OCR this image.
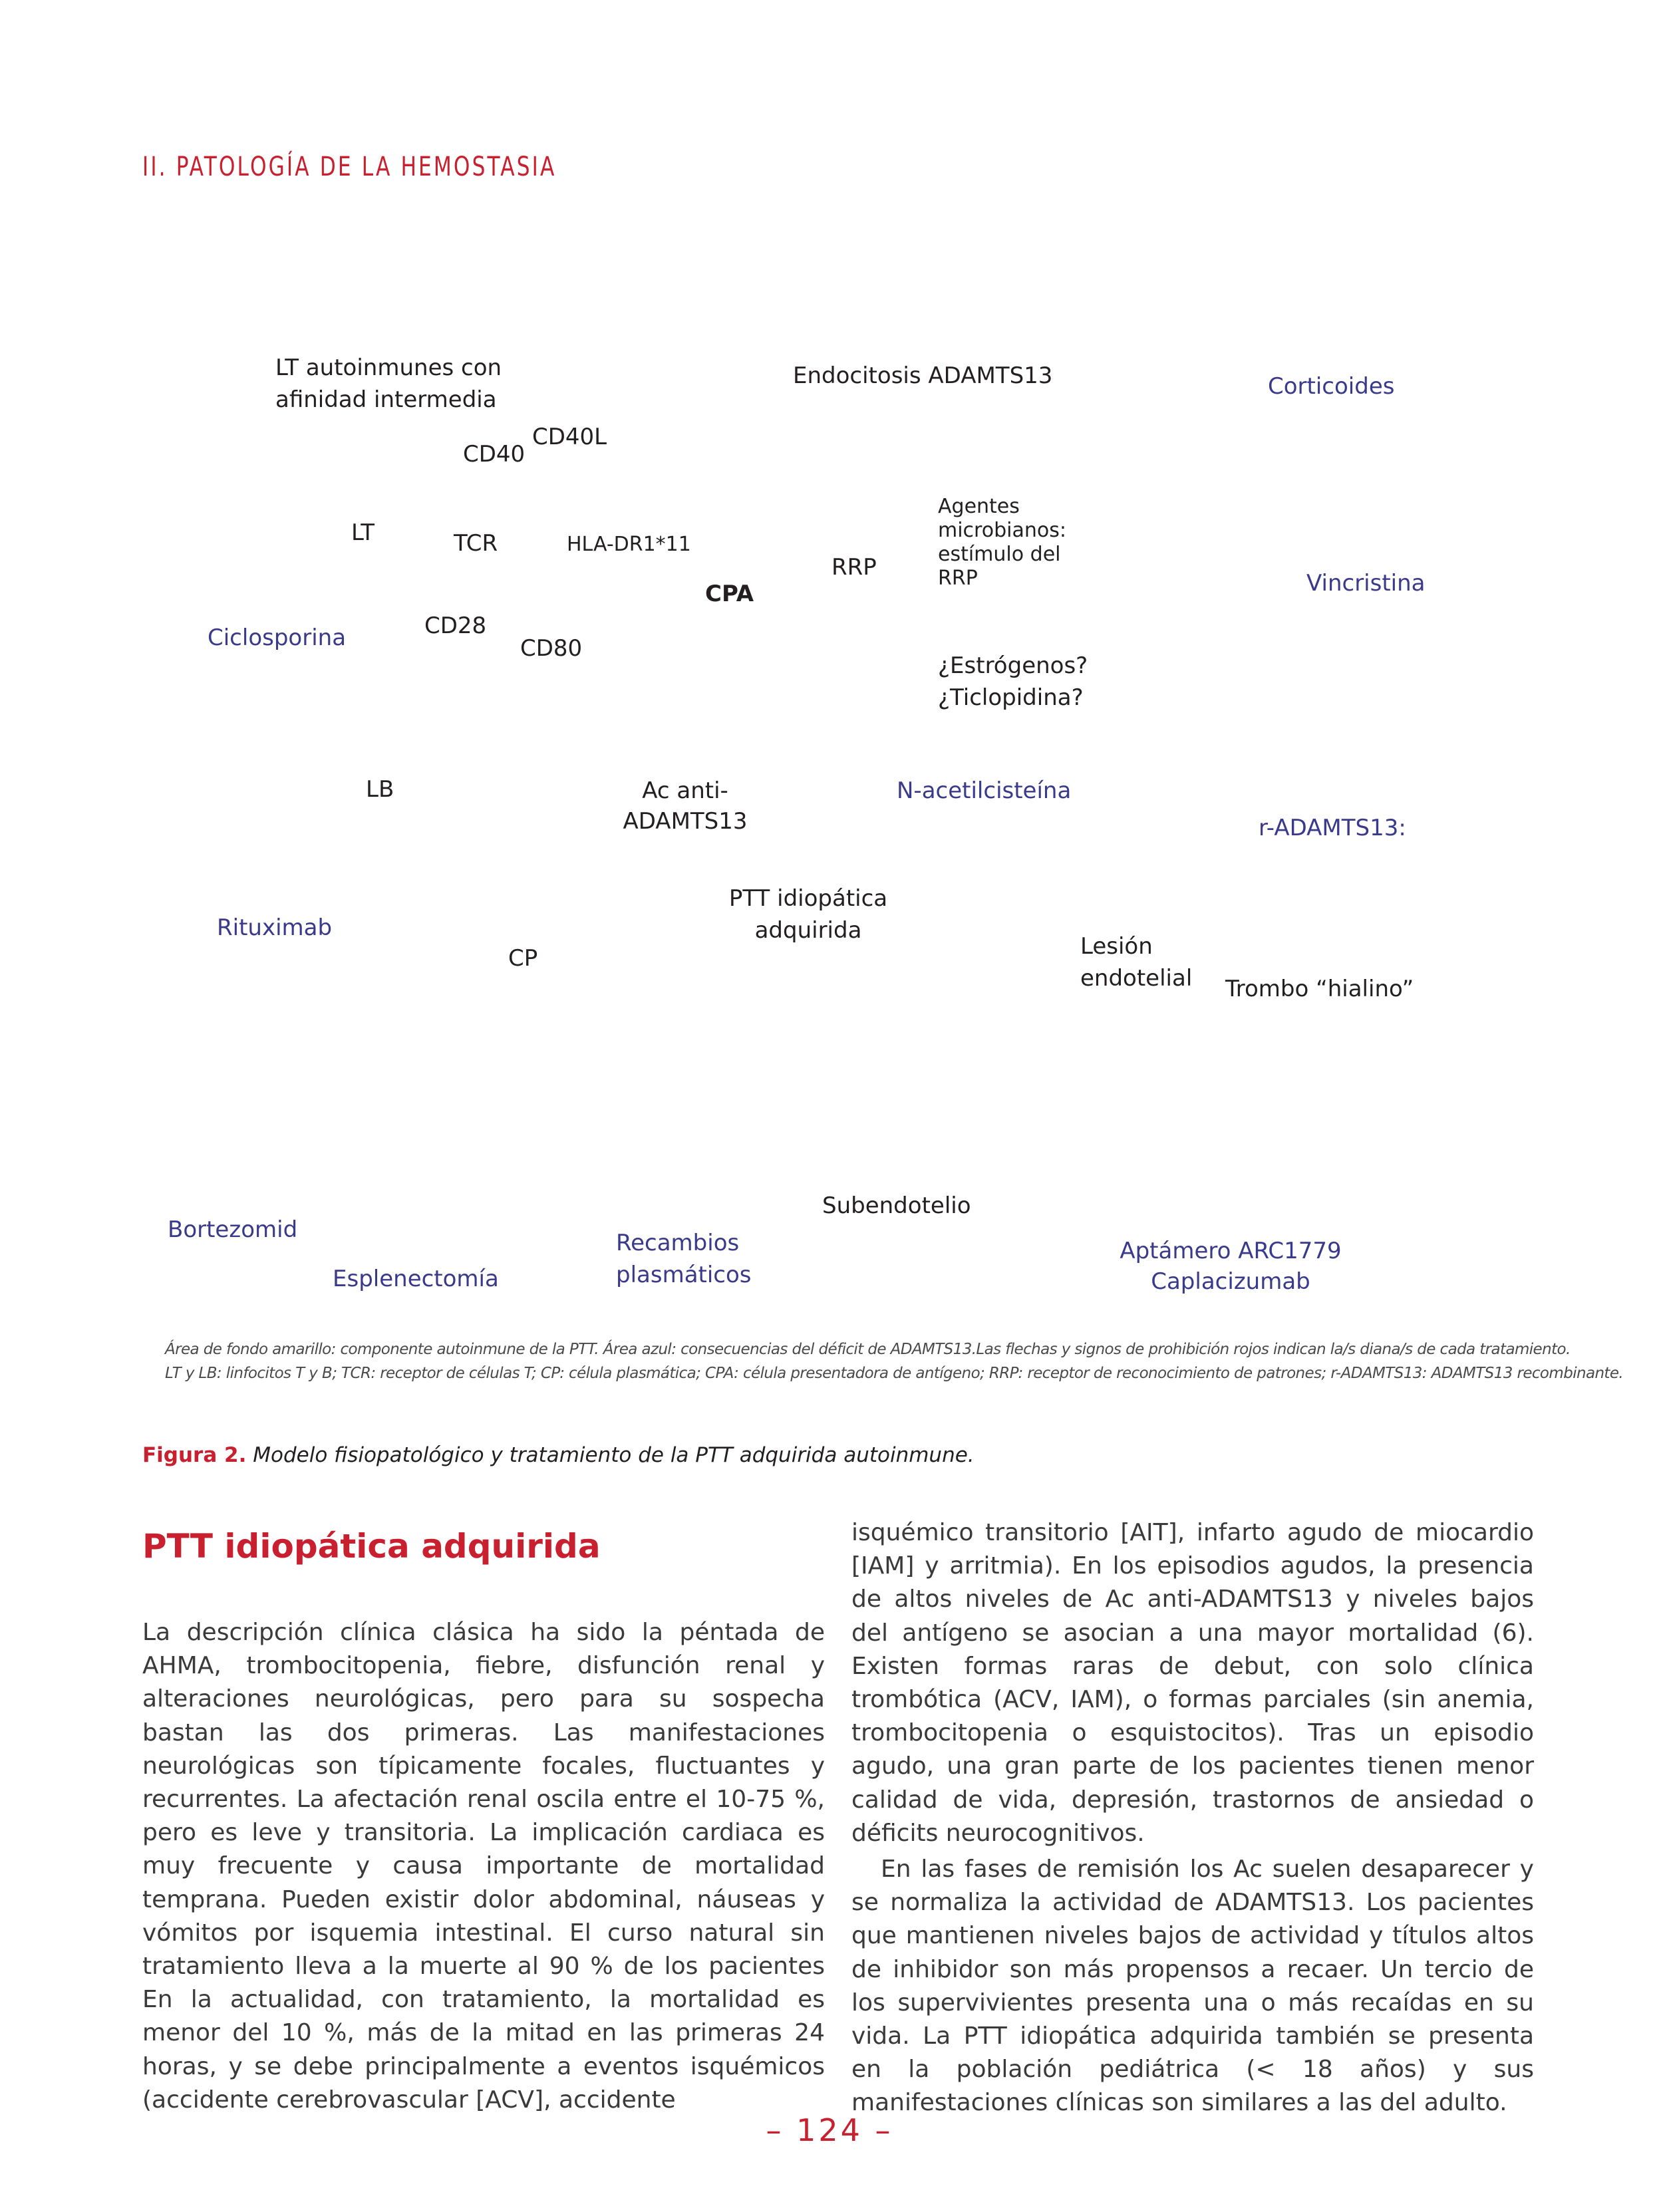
II. PATOLOGÍA DE LA HEMOSTASIA
LT autoinmunes con
afinidad intermedia
Endocitosis ADAMTS13	Corticoides
CD40L
CD40
Agentes
microbianos:
estímulo del
RRP
LT	TCR	HLA-DR1*11
RRP
Vincristina
CPA
Ciclosporina	CD28
CD80
¿Estrógenos?
¿Ticlopidina?
LB	Ac anti-
ADAMTS13
N-acetilcisteína
r-ADAMTS13:
PTT idiopática
adquirida
Rituximab
CP	Lesión
endotelial Trombo “hialino”
Subendotelio
Bortezomid	Recambios
plasmáticos
Aptámero ARC1779
Caplacizumab
Esplenectomía
Área de fondo amarillo: componente autoinmune de la PTT. Área azul: consecuencias del déficit de ADAMTS13.Las flechas y signos de prohibición rojos indican la/s diana/s de cada tratamiento.
LT y LB: linfocitos T y B; TCR: receptor de células T; CP: célula plasmática; CPA: célula presentadora de antígeno; RRP: receptor de reconocimiento de patrones; r-ADAMTS13: ADAMTS13 recombinante.
Figura 2. Modelo fisiopatológico y tratamiento de la PTT adquirida autoinmune.
PTT idiopática adquirida

La descripción clínica clásica ha sido la péntada de AHMA, trombocitopenia, fiebre, disfunción renal y alteraciones neurológicas, pero para su sospecha bastan las dos primeras. Las manifestaciones neurológicas son típicamente focales, fluctuantes y recurrentes. La afectación renal oscila entre el 10-75 %, pero es leve y transitoria. La implicación cardiaca es muy frecuente y causa importante de mortalidad temprana. Pueden existir dolor abdominal, náuseas y vómitos por isquemia intestinal. El curso natural sin tratamiento lleva a la muerte al 90 % de los pacientes En la actualidad, con tratamiento, la mortalidad es menor del 10 %, más de la mitad en las primeras 24 horas, y se debe principalmente a eventos isquémicos (accidente cerebrovascular [ACV], accidente

isquémico transitorio [AIT], infarto agudo de miocardio [IAM] y arritmia). En los episodios agudos, la presencia de altos niveles de Ac anti-ADAMTS13 y niveles bajos del antígeno se asocian a una mayor mortalidad (6). Existen formas raras de debut, con solo clínica trombótica (ACV, IAM), o formas parciales (sin anemia, trombocitopenia o esquistocitos). Tras un episodio agudo, una gran parte de los pacientes tienen menor calidad de vida, depresión, trastornos de ansiedad o déficits neurocognitivos.

En las fases de remisión los Ac suelen desaparecer y se normaliza la actividad de ADAMTS13. Los pacientes que mantienen niveles bajos de actividad y títulos altos de inhibidor son más propensos a recaer. Un tercio de los supervivientes presenta una o más recaídas en su vida. La PTT idiopática adquirida también se presenta en la población pediátrica (< 18 años) y sus manifestaciones clínicas son similares a las del adulto.

– 124 –
